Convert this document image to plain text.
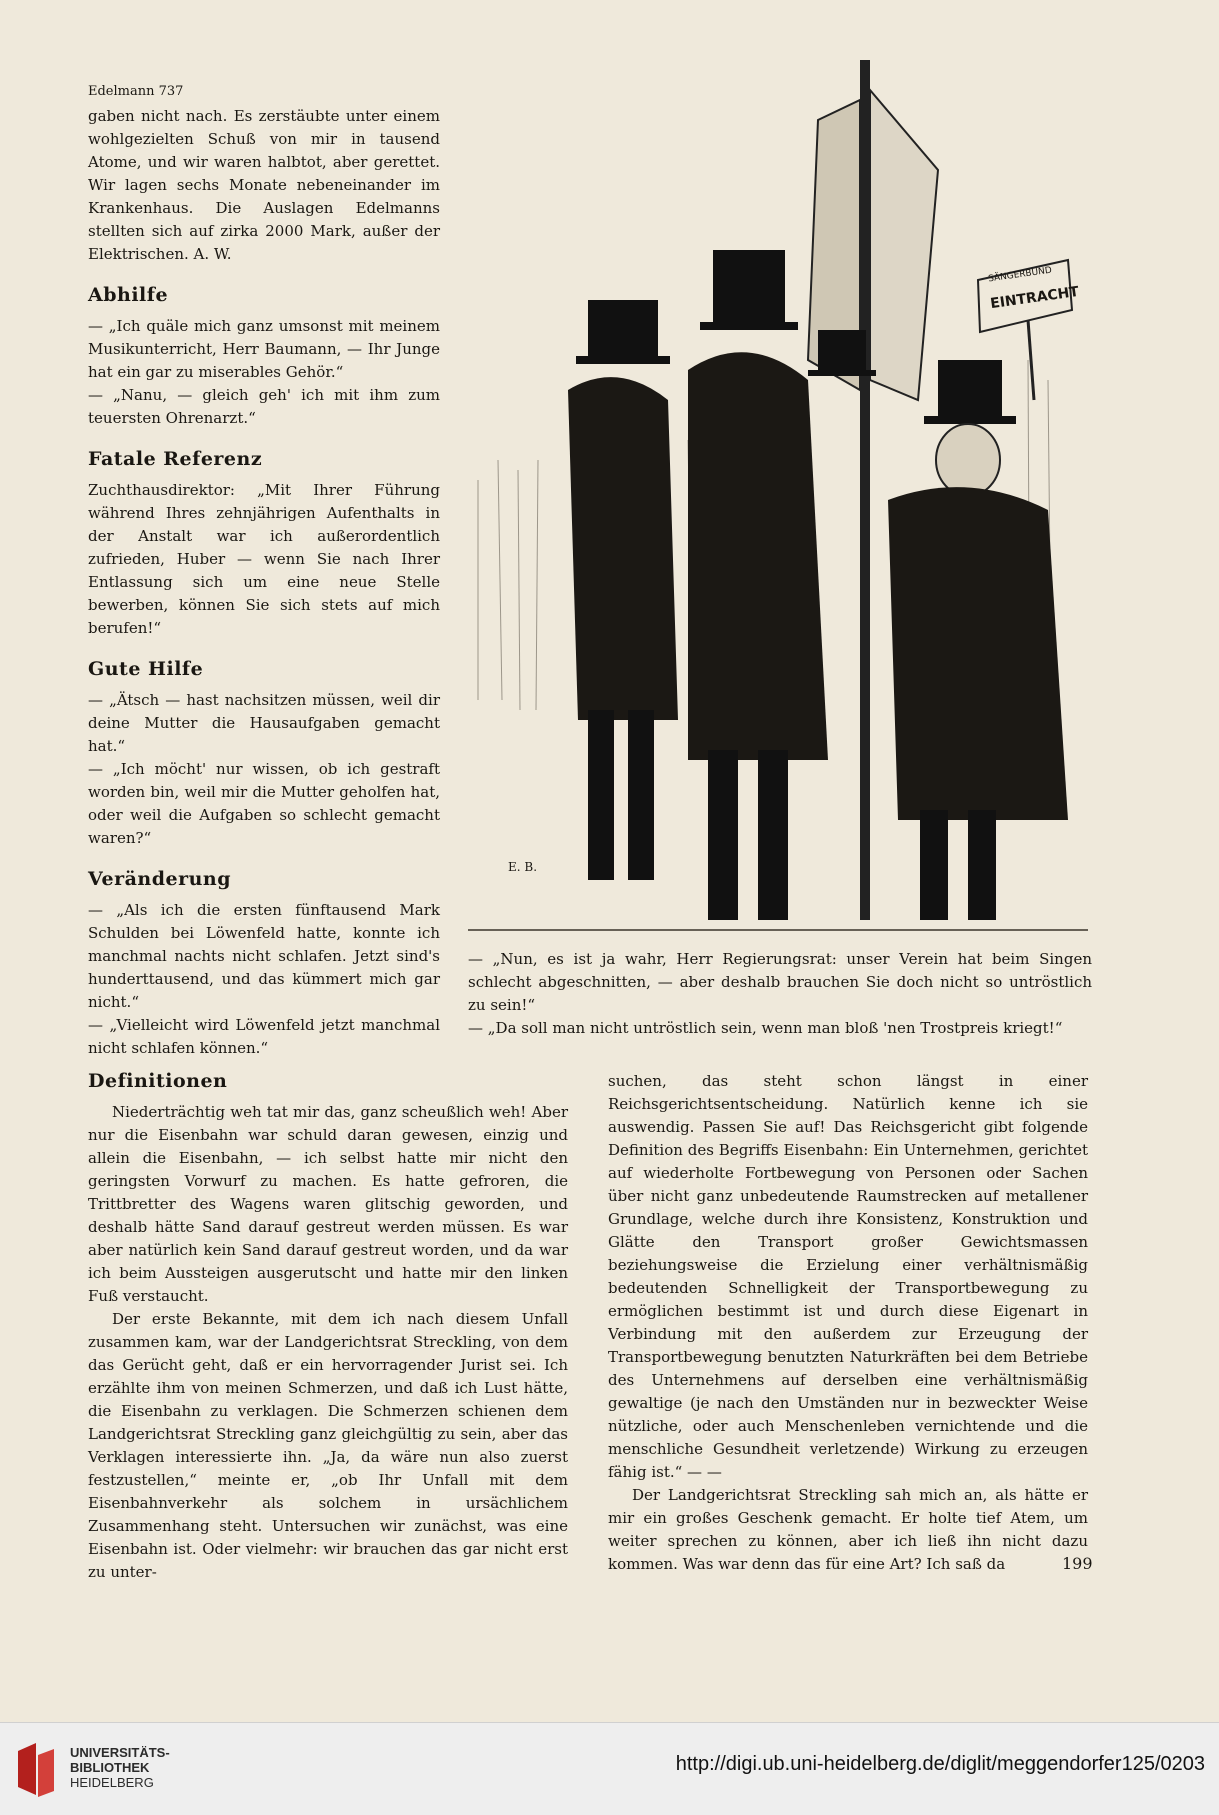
Edelmann 737

gaben nicht nach. Es zerstäubte unter einem wohlgezielten Schuß von mir in tausend Atome, und wir waren halbtot, aber gerettet. Wir lagen sechs Monate nebeneinander im Krankenhaus. Die Auslagen Edelmanns stellten sich auf zirka 2000 Mark, außer der Elektrischen. A. W.

Abhilfe

— „Ich quäle mich ganz umsonst mit meinem Musikunterricht, Herr Baumann, — Ihr Junge hat ein gar zu miserables Gehör.“

— „Nanu, — gleich geh' ich mit ihm zum teuersten Ohrenarzt.“

Fatale Referenz

Zuchthausdirektor: „Mit Ihrer Führung während Ihres zehnjährigen Aufenthalts in der Anstalt war ich außerordentlich zufrieden, Huber — wenn Sie nach Ihrer Entlassung sich um eine neue Stelle bewerben, können Sie sich stets auf mich berufen!“

Gute Hilfe

— „Ätsch — hast nachsitzen müssen, weil dir deine Mutter die Hausaufgaben gemacht hat.“

— „Ich möcht' nur wissen, ob ich gestraft worden bin, weil mir die Mutter geholfen hat, oder weil die Aufgaben so schlecht gemacht waren?“

Veränderung

— „Als ich die ersten fünftausend Mark Schulden bei Löwenfeld hatte, konnte ich manchmal nachts nicht schlafen. Jetzt sind's hunderttausend, und das kümmert mich gar nicht.“

— „Vielleicht wird Löwenfeld jetzt manchmal nicht schlafen können.“

SÄNGERBUND
EINTRACHT
E. B.

— „Nun, es ist ja wahr, Herr Regierungsrat: unser Verein hat beim Singen schlecht abgeschnitten, — aber deshalb brauchen Sie doch nicht so untröstlich zu sein!“

— „Da soll man nicht untröstlich sein, wenn man bloß 'nen Trostpreis kriegt!“

Definitionen

Niederträchtig weh tat mir das, ganz scheußlich weh! Aber nur die Eisenbahn war schuld daran gewesen, einzig und allein die Eisenbahn, — ich selbst hatte mir nicht den geringsten Vorwurf zu machen. Es hatte gefroren, die Trittbretter des Wagens waren glitschig geworden, und deshalb hätte Sand darauf gestreut werden müssen. Es war aber natürlich kein Sand darauf gestreut worden, und da war ich beim Aussteigen ausgerutscht und hatte mir den linken Fuß verstaucht.

Der erste Bekannte, mit dem ich nach diesem Unfall zusammen kam, war der Landgerichtsrat Streckling, von dem das Gerücht geht, daß er ein hervorragender Jurist sei. Ich erzählte ihm von meinen Schmerzen, und daß ich Lust hätte, die Eisenbahn zu verklagen. Die Schmerzen schienen dem Landgerichtsrat Streckling ganz gleichgültig zu sein, aber das Verklagen interessierte ihn. „Ja, da wäre nun also zuerst festzustellen,“ meinte er, „ob Ihr Unfall mit dem Eisenbahnverkehr als solchem in ursächlichem Zusammenhang steht. Untersuchen wir zunächst, was eine Eisenbahn ist. Oder vielmehr: wir brauchen das gar nicht erst zu unter-

suchen, das steht schon längst in einer Reichsgerichtsentscheidung. Natürlich kenne ich sie auswendig. Passen Sie auf! Das Reichsgericht gibt folgende Definition des Begriffs Eisenbahn: Ein Unternehmen, gerichtet auf wiederholte Fortbewegung von Personen oder Sachen über nicht ganz unbedeutende Raumstrecken auf metallener Grundlage, welche durch ihre Konsistenz, Konstruktion und Glätte den Transport großer Gewichtsmassen beziehungsweise die Erzielung einer verhältnismäßig bedeutenden Schnelligkeit der Transportbewegung zu ermöglichen bestimmt ist und durch diese Eigenart in Verbindung mit den außerdem zur Erzeugung der Transportbewegung benutzten Naturkräften bei dem Betriebe des Unternehmens auf derselben eine verhältnismäßig gewaltige (je nach den Umständen nur in bezweckter Weise nützliche, oder auch Menschenleben vernichtende und die menschliche Gesundheit verletzende) Wirkung zu erzeugen fähig ist.“ — —

Der Landgerichtsrat Streckling sah mich an, als hätte er mir ein großes Geschenk gemacht. Er holte tief Atem, um weiter sprechen zu können, aber ich ließ ihn nicht dazu kommen. Was war denn das für eine Art? Ich saß da	199
UNIVERSITÄTS-
BIBLIOTHEK
HEIDELBERG
http://digi.ub.uni-heidelberg.de/diglit/meggendorfer125/0203
